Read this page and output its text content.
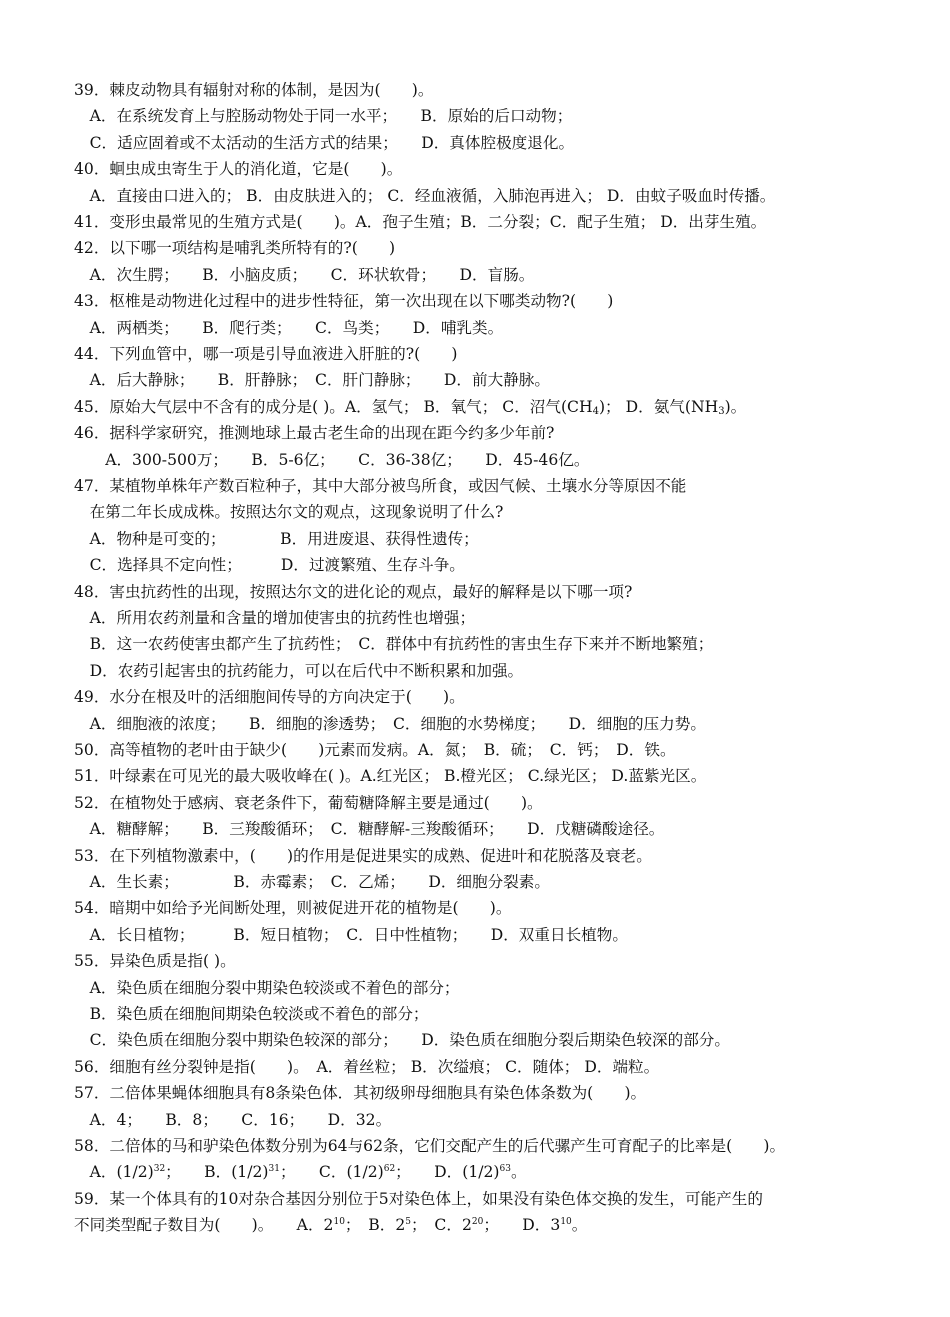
39．棘皮动物具有辐射对称的体制，是因为(　　)。
　A．在系统发育上与腔肠动物处于同一水平；　　B．原始的后口动物；
　C．适应固着或不太活动的生活方式的结果；　　D．真体腔极度退化。
40．蛔虫成虫寄生于人的消化道，它是(　　)。
　A．直接由口进入的； B．由皮肤进入的； C．经血液循，入肺泡再进入； D．由蚊子吸血时传播。
41．变形虫最常见的生殖方式是(　　)。A．孢子生殖；B．二分裂；C．配子生殖； D．出芽生殖。
42．以下哪一项结构是哺乳类所特有的?(　　)
　A．次生腭；　　B．小脑皮质；　　C．环状软骨；　　D．盲肠。
43．枢椎是动物进化过程中的进步性特征，第一次出现在以下哪类动物?(　　)
　A．两栖类；　　B．爬行类；　　C．鸟类；　　D．哺乳类。
44．下列血管中，哪一项是引导血液进入肝脏的?(　　)
　A．后大静脉；　　B．肝静脉；　C．肝门静脉；　　D．前大静脉。
45．原始大气层中不含有的成分是( )。A．氢气； B．氧气； C．沼气$(CH_4)$； D．氨气$(NH_3)$。
46．据科学家研究，推测地球上最古老生命的出现在距今约多少年前?
　　A．300-500万；　　B．5-6亿；　　C．36-38亿；　　D．45-46亿。
47．某植物单株年产数百粒种子，其中大部分被鸟所食，或因气候、土壤水分等原因不能
　在第二年长成成株。按照达尔文的观点，这现象说明了什么?
　A．物种是可变的；　　　　B．用进废退、获得性遗传；
　C．选择具不定向性；　　　D．过渡繁殖、生存斗争。
48．害虫抗药性的出现，按照达尔文的进化论的观点，最好的解释是以下哪一项?
　A．所用农药剂量和含量的增加使害虫的抗药性也增强；
　B．这一农药使害虫都产生了抗药性；　C．群体中有抗药性的害虫生存下来并不断地繁殖；
　D．农药引起害虫的抗药能力，可以在后代中不断积累和加强。
49．水分在根及叶的活细胞间传导的方向决定于(　　)。
　A．细胞液的浓度；　　B．细胞的渗透势；　C．细胞的水势梯度；　　D．细胞的压力势。
50．高等植物的老叶由于缺少(　　)元素而发病。A．氮；　B．硫；　C．钙；　D．铁。
51．叶绿素在可见光的最大吸收峰在( )。A.红光区； B.橙光区； C.绿光区； D.蓝紫光区。
52．在植物处于感病、衰老条件下，葡萄糖降解主要是通过(　　)。
　A．糖酵解；　　B．三羧酸循环；　C．糖酵解-三羧酸循环；　　D．戊糖磷酸途径。
53．在下列植物激素中，(　　)的作用是促进果实的成熟、促进叶和花脱落及衰老。
　A．生长素；　　　　B．赤霉素；　C．乙烯；　　D．细胞分裂素。
54．暗期中如给予光间断处理，则被促进开花的植物是(　　)。
　A．长日植物；　　　B．短日植物；　C．日中性植物；　　D．双重日长植物。
55．异染色质是指( )。
　A．染色质在细胞分裂中期染色较淡或不着色的部分；
　B．染色质在细胞间期染色较淡或不着色的部分；
　C．染色质在细胞分裂中期染色较深的部分；　　D．染色质在细胞分裂后期染色较深的部分。
56．细胞有丝分裂钟是指(　　)。　A．着丝粒； B．次缢痕； C．随体； D．端粒。
57．二倍体果蝇体细胞具有8条染色体．其初级卵母细胞具有染色体条数为(　　)。
　A．4；　　B．8；　　C．16；　　D．32。
58．二倍体的马和驴染色体数分别为64与62条，它们交配产生的后代骡产生可育配子的比率是(　　)。
　A．$(1/2)^{32}$；　　B．$(1/2)^{31}$；　　C．$(1/2)^{62}$；　　D．$(1/2)^{63}$。
59．某一个体具有的10对杂合基因分别位于5对染色体上，如果没有染色体交换的发生，可能产生的
不同类型配子数目为(　　)。　　A．$2^{10}$；　B．$2^5$；　C．$2^{20}$；　　D．$3^{10}$。
